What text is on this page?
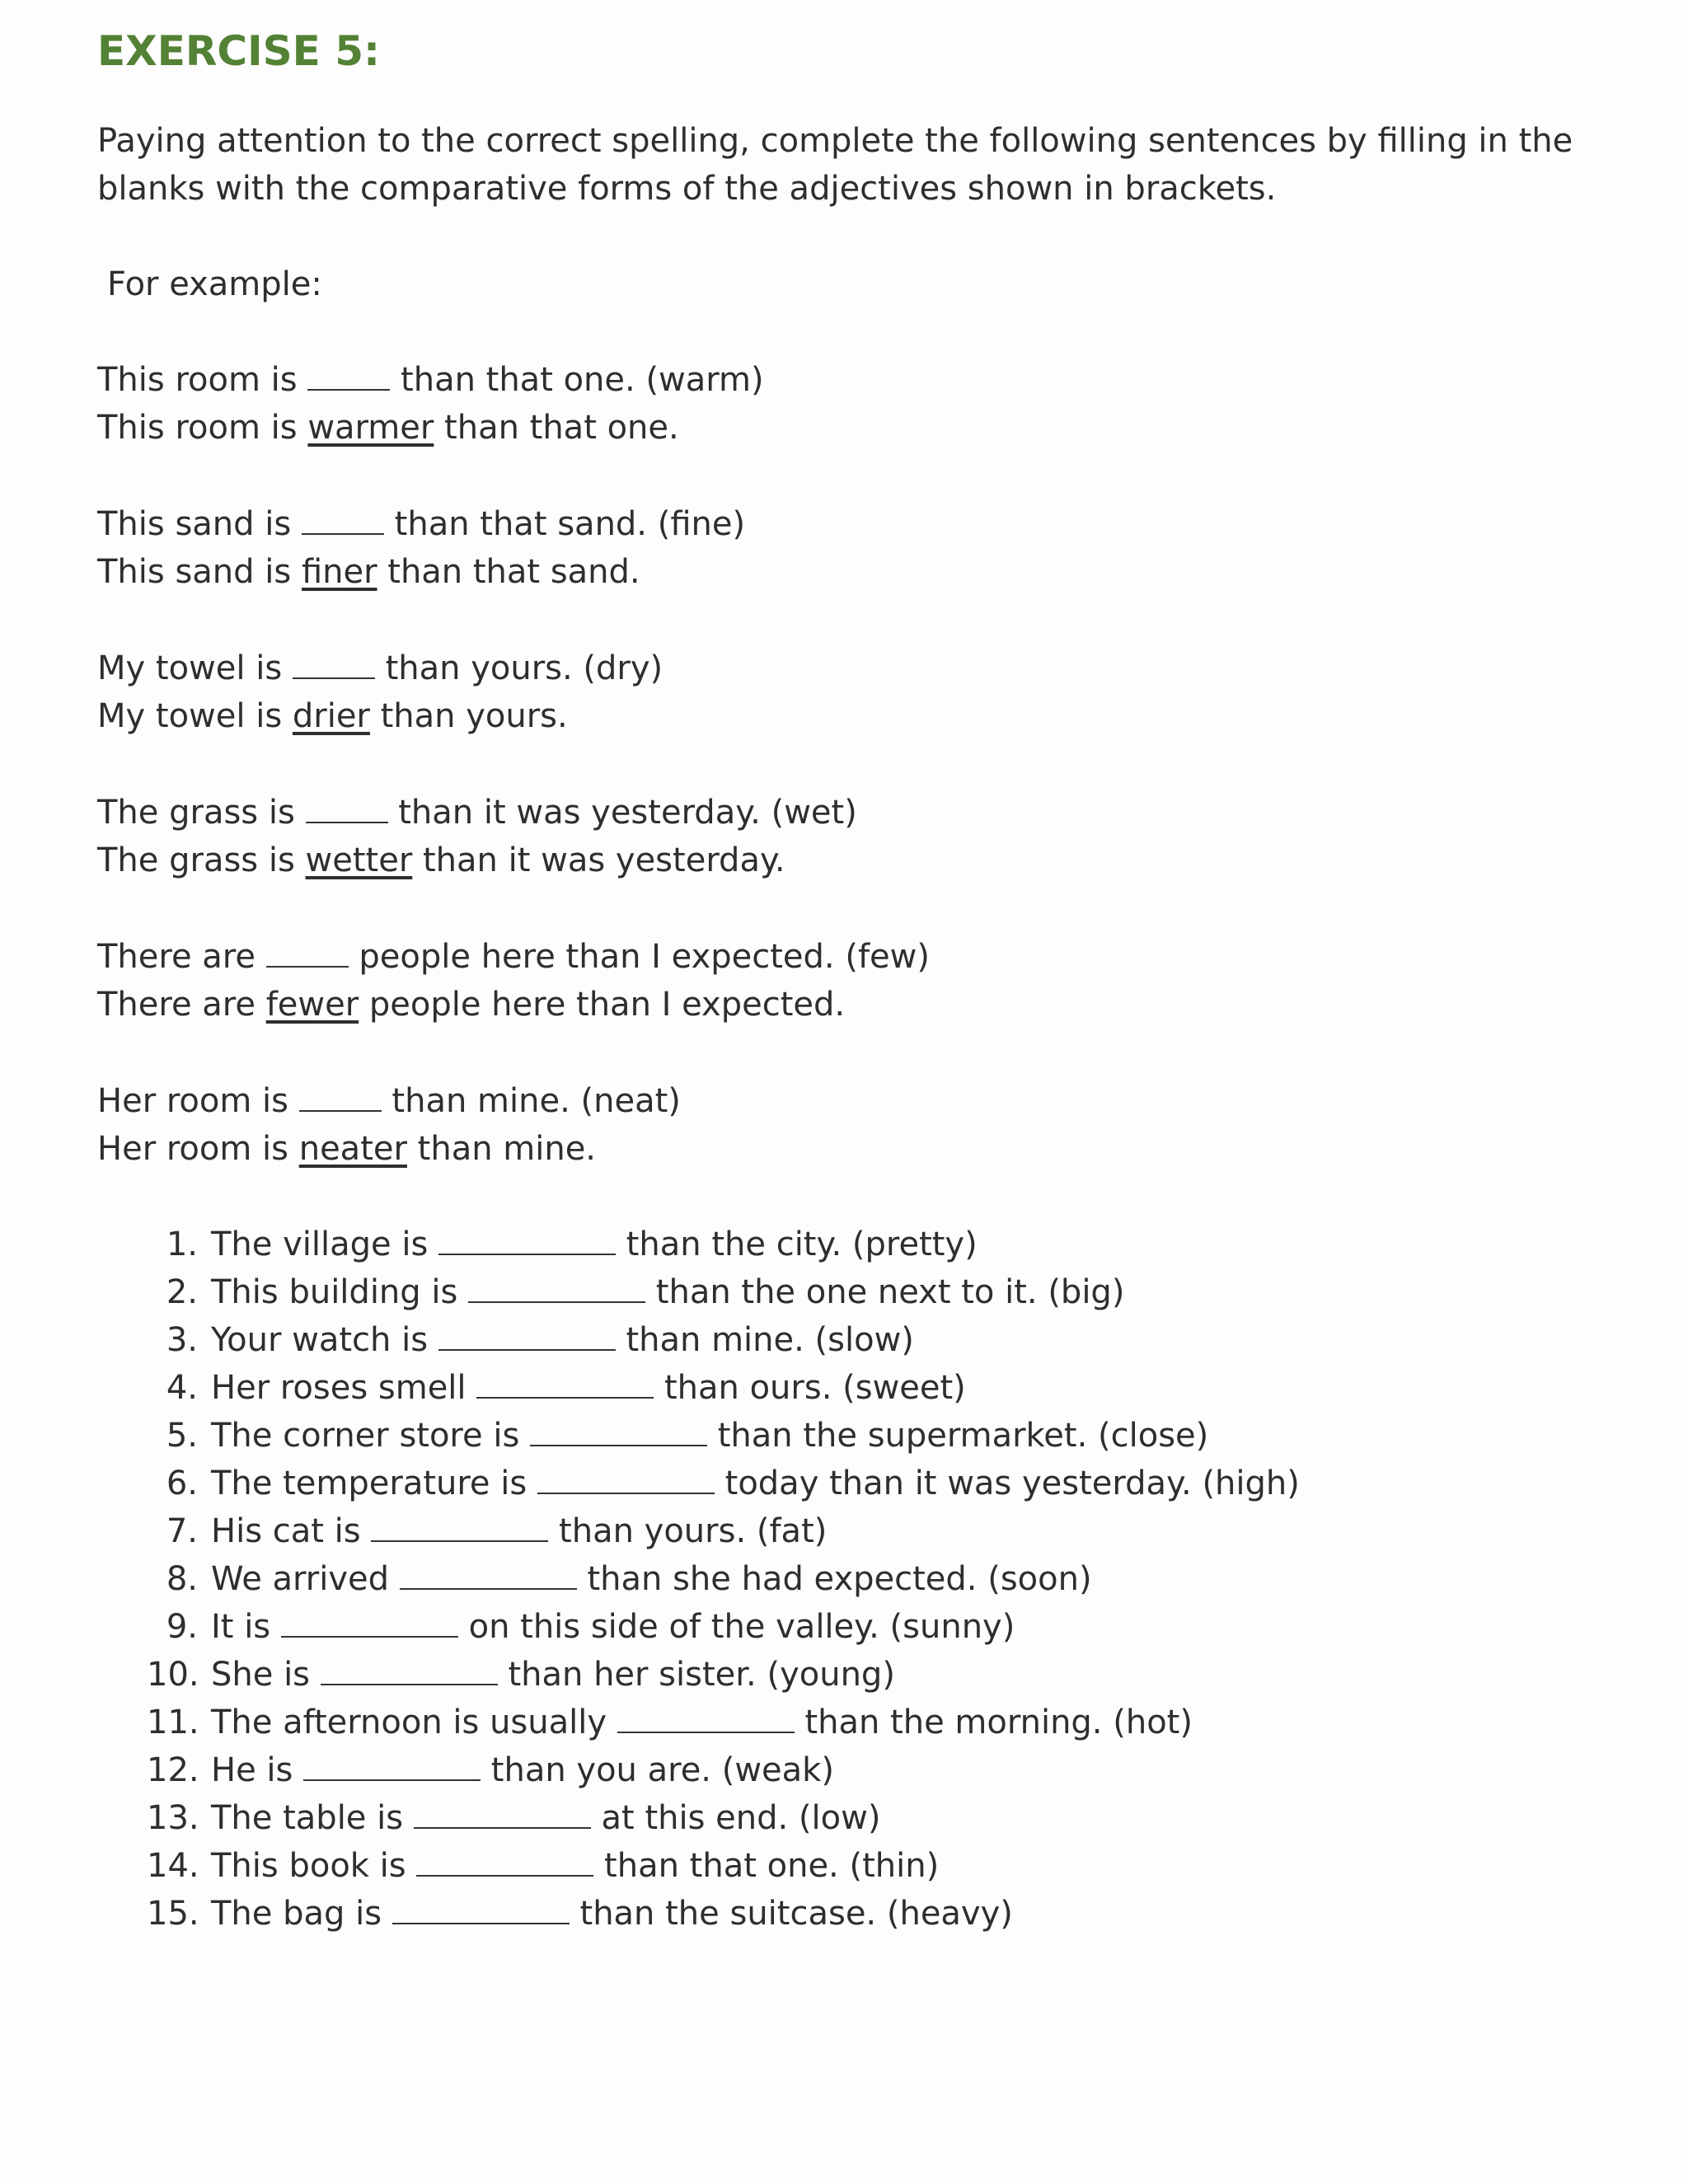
EXERCISE 5:
Paying attention to the correct spelling, complete the following sentences by filling in the blanks with the comparative forms of the adjectives shown in brackets.
For example:
This room is	than that one. (warm)
This room is warmer than that one.
This sand is	than that sand. (fine)
This sand is finer than that sand.
My towel is	than yours. (dry)
My towel is drier than yours.
The grass is	than it was yesterday. (wet)
The grass is wetter than it was yesterday.
There are	people here than I expected. (few)
There are fewer people here than I expected.
Her room is	than mine. (neat)
Her room is neater than mine.
1. The village is	than the city. (pretty)
2. This building is	than the one next to it. (big)
3. Your watch is	than mine. (slow)
4. Her roses smell	than ours. (sweet)
5. The corner store is	than the supermarket. (close)
6. The temperature is	today than it was yesterday. (high)
7. His cat is	than yours. (fat)
8. We arrived	than she had expected. (soon)
9. It is	on this side of the valley. (sunny)
10. She is	than her sister. (young)
11. The afternoon is usually	than the morning. (hot)
12. He is	than you are. (weak)
13. The table is	at this end. (low)
14. This book is	than that one. (thin)
15. The bag is	than the suitcase. (heavy)
